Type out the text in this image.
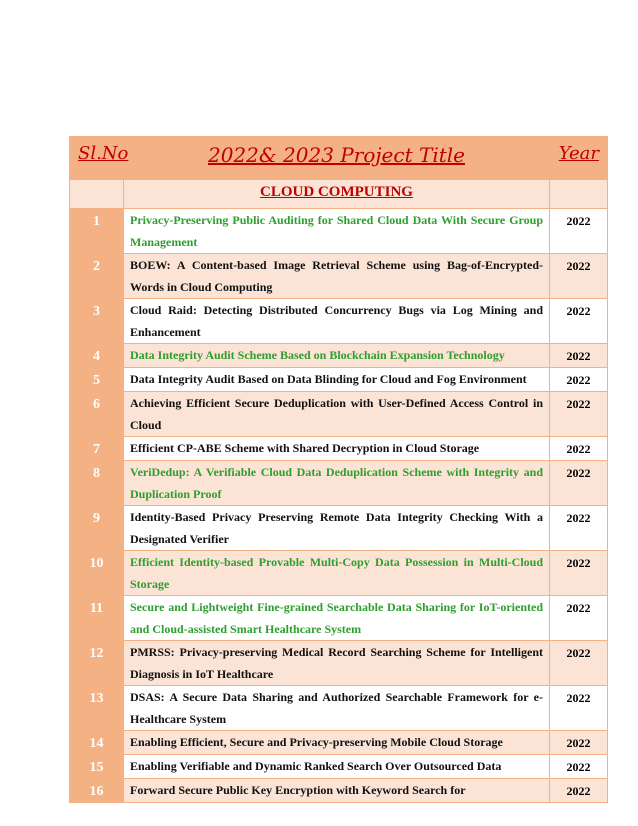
Sl.No	2022& 2023 Project Title	Year

	CLOUD COMPUTING	

1	Privacy-Preserving Public Auditing for Shared Cloud Data With Secure Group Management	2022

2	BOEW: A Content-based Image Retrieval Scheme using Bag-of-Encrypted-Words in Cloud Computing	2022

3	Cloud Raid: Detecting Distributed Concurrency Bugs via Log Mining and Enhancement	2022

4	Data Integrity Audit Scheme Based on Blockchain Expansion Technology	2022

5	Data Integrity Audit Based on Data Blinding for Cloud and Fog Environment	2022

6	Achieving Efficient Secure Deduplication with User-Defined Access Control in Cloud	2022

7	Efficient CP-ABE Scheme with Shared Decryption in Cloud Storage	2022

8	VeriDedup: A Verifiable Cloud Data Deduplication Scheme with Integrity and Duplication Proof	2022

9	Identity-Based Privacy Preserving Remote Data Integrity Checking With a Designated Verifier	2022

10	Efficient Identity-based Provable Multi-Copy Data Possession in Multi-Cloud Storage	2022

11	Secure and Lightweight Fine-grained Searchable Data Sharing for IoT-oriented and Cloud-assisted Smart Healthcare System	2022

12	PMRSS: Privacy-preserving Medical Record Searching Scheme for Intelligent Diagnosis in IoT Healthcare	2022

13	DSAS: A Secure Data Sharing and Authorized Searchable Framework for e-Healthcare System	2022

14	Enabling Efficient, Secure and Privacy-preserving Mobile Cloud Storage	2022

15	Enabling Verifiable and Dynamic Ranked Search Over Outsourced Data	2022

16	Forward Secure Public Key Encryption with Keyword Search for	2022
